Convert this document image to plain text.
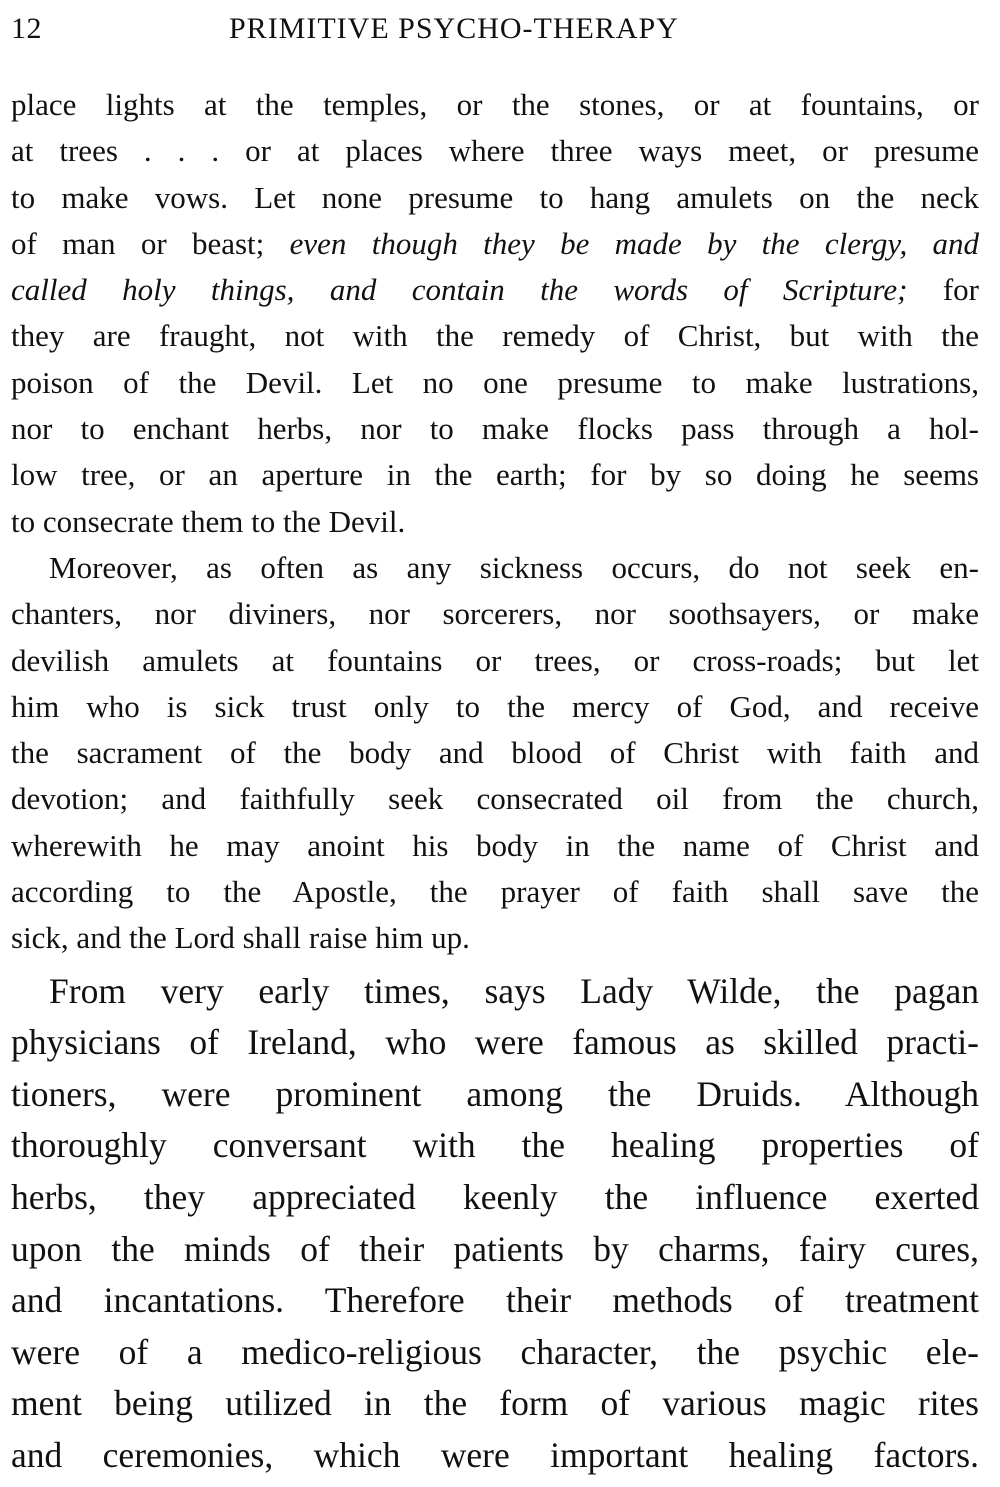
12	PRIMITIVE PSYCHO-THERAPY
place lights at the temples, or the stones, or at fountains, or
at trees . . . or at places where three ways meet, or presume
to make vows. Let none presume to hang amulets on the neck
of man or beast; even though they be made by the clergy, and
called holy things, and contain the words of Scripture; for
they are fraught, not with the remedy of Christ, but with the
poison of the Devil. Let no one presume to make lustrations,
nor to enchant herbs, nor to make flocks pass through a hol-
low tree, or an aperture in the earth; for by so doing he seems
to consecrate them to the Devil.
Moreover, as often as any sickness occurs, do not seek en-
chanters, nor diviners, nor sorcerers, nor soothsayers, or make
devilish amulets at fountains or trees, or cross-roads; but let
him who is sick trust only to the mercy of God, and receive
the sacrament of the body and blood of Christ with faith and
devotion; and faithfully seek consecrated oil from the church,
wherewith he may anoint his body in the name of Christ and
according to the Apostle, the prayer of faith shall save the
sick, and the Lord shall raise him up.
From very early times, says Lady Wilde, the pagan
physicians of Ireland, who were famous as skilled practi-
tioners, were prominent among the Druids. Although
thoroughly conversant with the healing properties of
herbs, they appreciated keenly the influence exerted
upon the minds of their patients by charms, fairy cures,
and incantations. Therefore their methods of treatment
were of a medico-religious character, the psychic ele-
ment being utilized in the form of various magic rites
and ceremonies, which were important healing factors.
